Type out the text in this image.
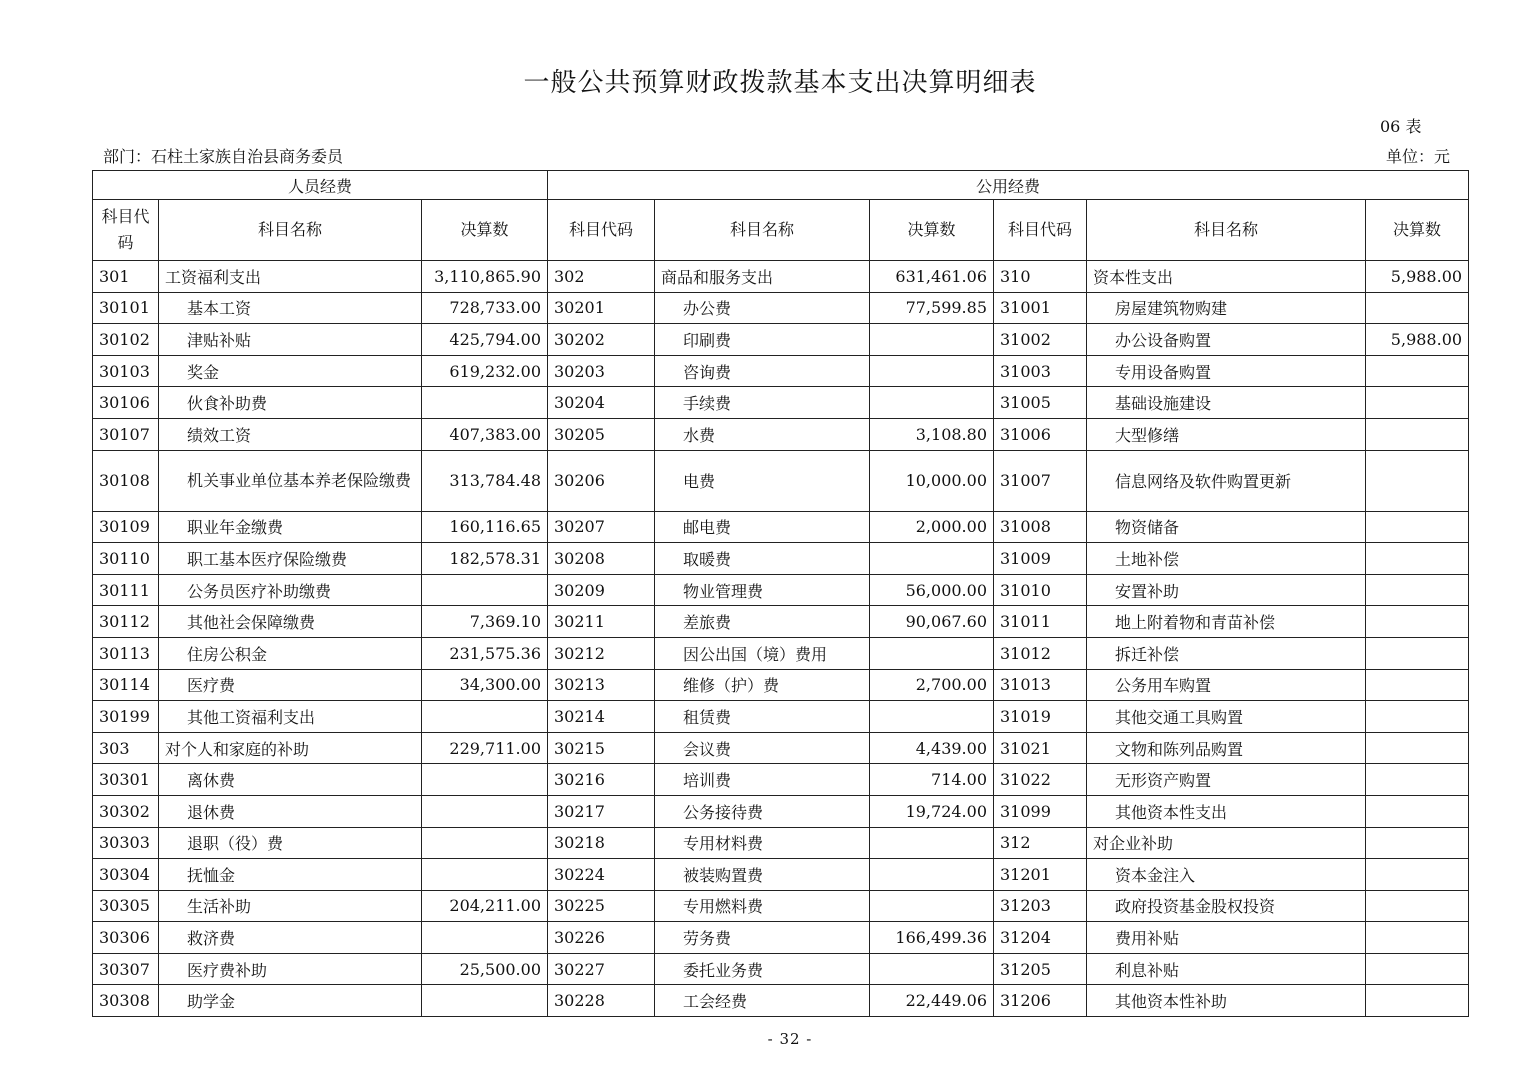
一般公共预算财政拨款基本支出决算明细表
06 表
部门：石柱土家族自治县商务委员	单位：元
人员经费			公用经费					
科目代码	科目名称	决算数	科目代码	科目名称	决算数	科目代码	科目名称	决算数
301	工资福利支出	3,110,865.90	302	商品和服务支出	631,461.06	310	资本性支出	5,988.00
30101	基本工资	728,733.00	30201	办公费	77,599.85	31001	房屋建筑物购建	
30102	津贴补贴	425,794.00	30202	印刷费		31002	办公设备购置	5,988.00
30103	奖金	619,232.00	30203	咨询费		31003	专用设备购置	
30106	伙食补助费		30204	手续费		31005	基础设施建设	
30107	绩效工资	407,383.00	30205	水费	3,108.80	31006	大型修缮	
30108	机关事业单位基本养老保险缴费	313,784.48	30206	电费	10,000.00	31007	信息网络及软件购置更新	
30109	职业年金缴费	160,116.65	30207	邮电费	2,000.00	31008	物资储备	
30110	职工基本医疗保险缴费	182,578.31	30208	取暖费		31009	土地补偿	
30111	公务员医疗补助缴费		30209	物业管理费	56,000.00	31010	安置补助	
30112	其他社会保障缴费	7,369.10	30211	差旅费	90,067.60	31011	地上附着物和青苗补偿	
30113	住房公积金	231,575.36	30212	因公出国（境）费用		31012	拆迁补偿	
30114	医疗费	34,300.00	30213	维修（护）费	2,700.00	31013	公务用车购置	
30199	其他工资福利支出		30214	租赁费		31019	其他交通工具购置	
303	对个人和家庭的补助	229,711.00	30215	会议费	4,439.00	31021	文物和陈列品购置	
30301	离休费		30216	培训费	714.00	31022	无形资产购置	
30302	退休费		30217	公务接待费	19,724.00	31099	其他资本性支出	
30303	退职（役）费		30218	专用材料费		312	对企业补助	
30304	抚恤金		30224	被装购置费		31201	资本金注入	
30305	生活补助	204,211.00	30225	专用燃料费		31203	政府投资基金股权投资	
30306	救济费		30226	劳务费	166,499.36	31204	费用补贴	
30307	医疗费补助	25,500.00	30227	委托业务费		31205	利息补贴	
30308	助学金		30228	工会经费	22,449.06	31206	其他资本性补助	
- 32 -
